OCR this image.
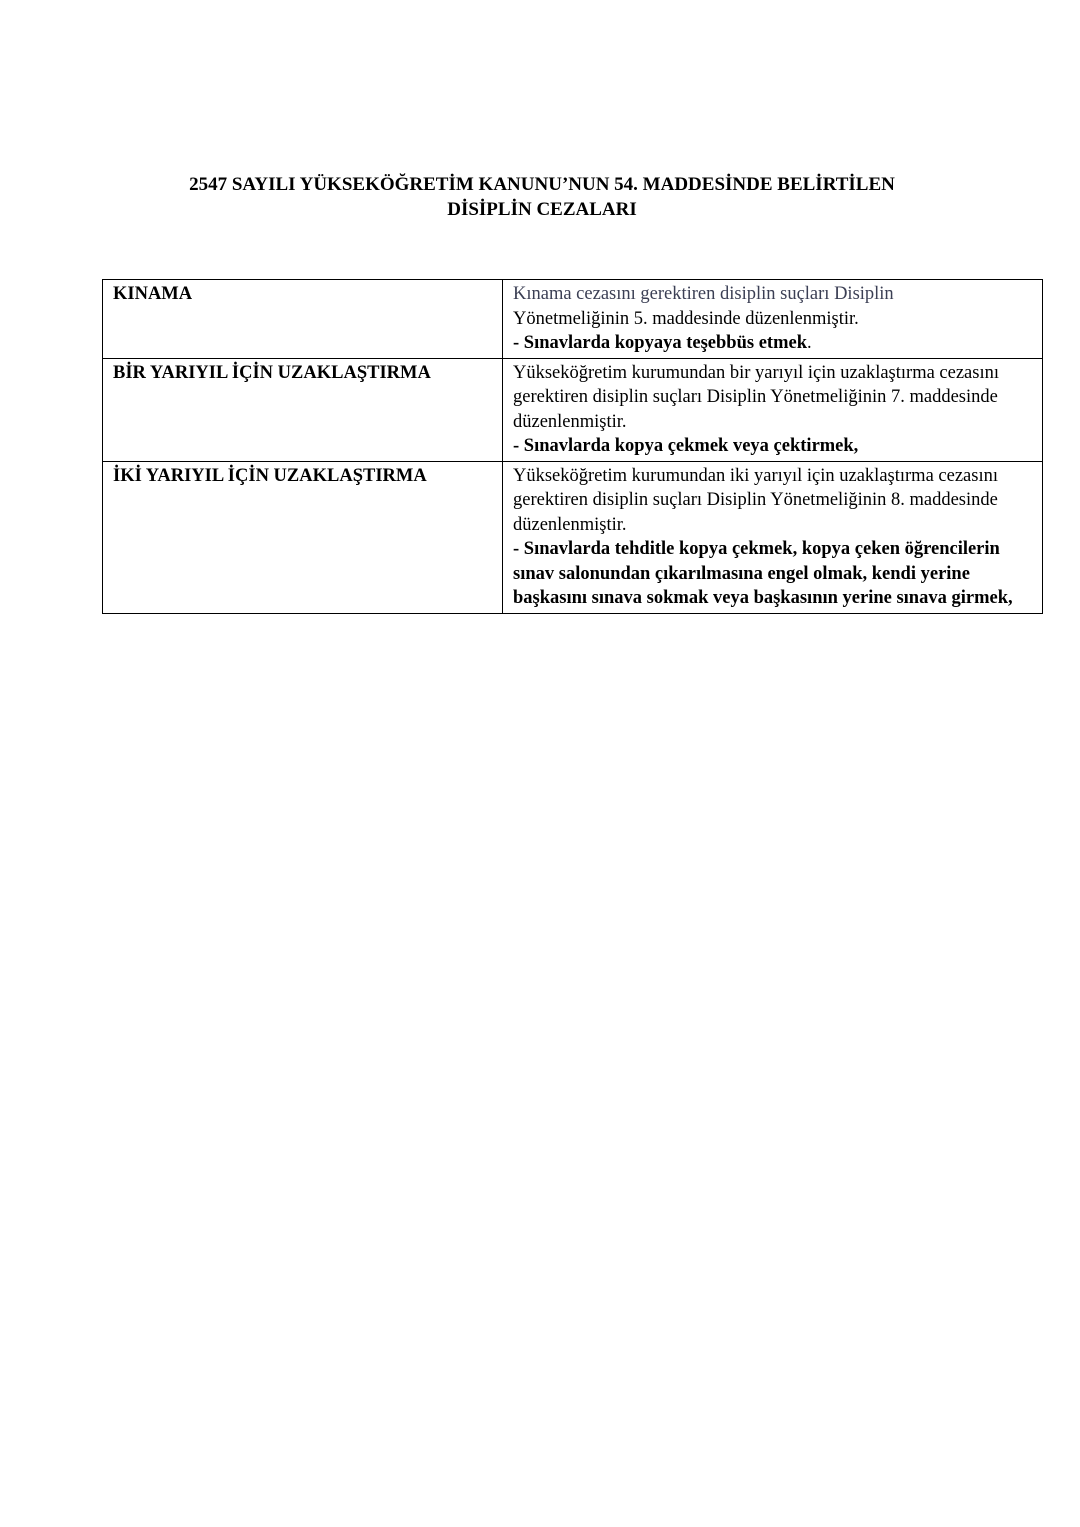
2547 SAYILI YÜKSEKÖĞRETİM KANUNU’NUN 54. MADDESİNDE BELİRTİLEN
DİSİPLİN CEZALARI
KINAMA	Kınama cezasını gerektiren disiplin suçları Disiplin
Yönetmeliğinin 5. maddesinde düzenlenmiştir.
- Sınavlarda kopyaya teşebbüs etmek.

BİR YARIYIL İÇİN UZAKLAŞTIRMA	Yükseköğretim kurumundan bir yarıyıl için uzaklaştırma cezasını gerektiren disiplin suçları Disiplin Yönetmeliğinin 7. maddesinde düzenlenmiştir.
- Sınavlarda kopya çekmek veya çektirmek,

İKİ YARIYIL İÇİN UZAKLAŞTIRMA	Yükseköğretim kurumundan iki yarıyıl için uzaklaştırma cezasını gerektiren disiplin suçları Disiplin Yönetmeliğinin 8. maddesinde düzenlenmiştir.
- Sınavlarda tehditle kopya çekmek, kopya çeken öğrencilerin sınav salonundan çıkarılmasına engel olmak, kendi yerine başkasını sınava sokmak veya başkasının yerine sınava girmek,
